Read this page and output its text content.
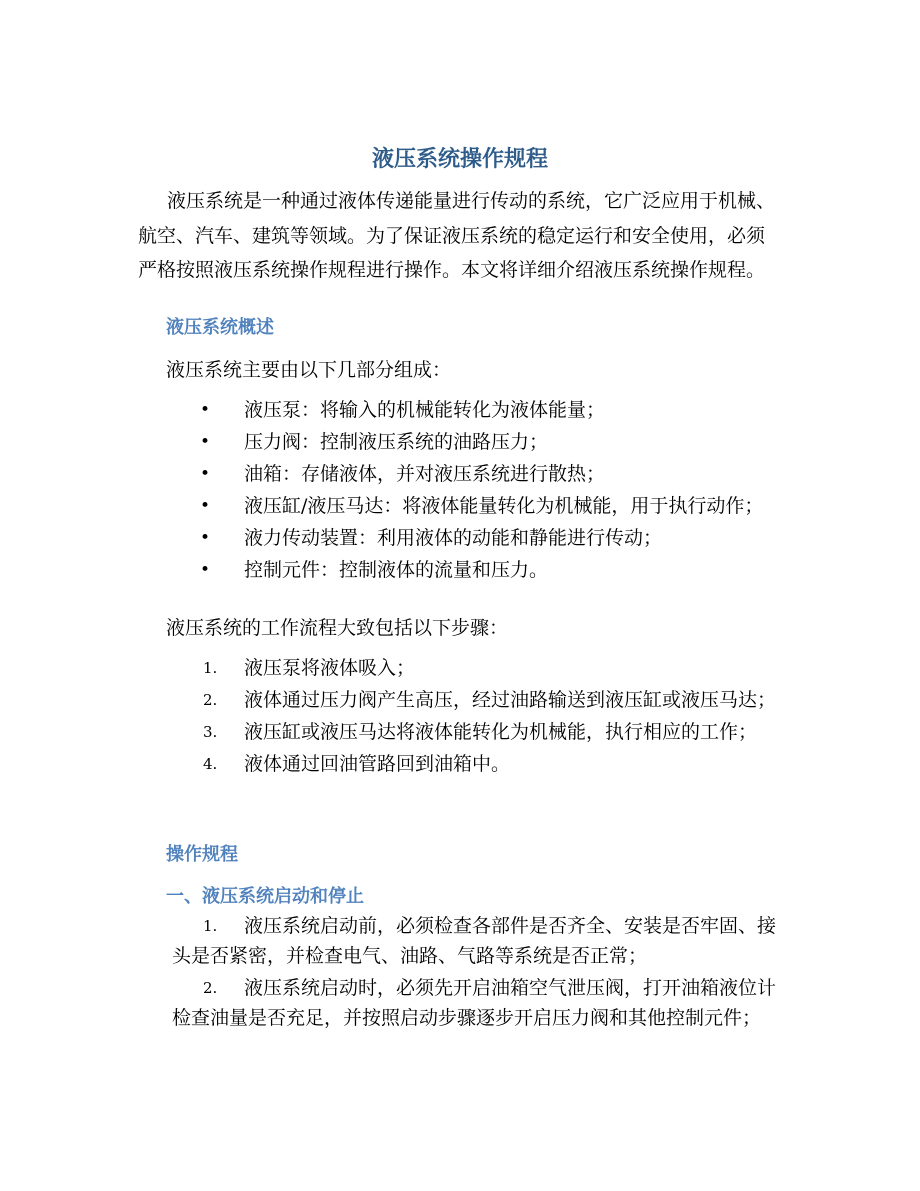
液压系统操作规程

液压系统是一种通过液体传递能量进行传动的系统，它广泛应用于机械、航空、汽车、建筑等领域。为了保证液压系统的稳定运行和安全使用，必须严格按照液压系统操作规程进行操作。本文将详细介绍液压系统操作规程。

液压系统概述

液压系统主要由以下几部分组成：

•	液压泵：将输入的机械能转化为液体能量；
•	压力阀：控制液压系统的油路压力；
•	油箱：存储液体，并对液压系统进行散热；
•	液压缸/液压马达：将液体能量转化为机械能，用于执行动作；
•	液力传动装置：利用液体的动能和静能进行传动；
•	控制元件：控制液体的流量和压力。

液压系统的工作流程大致包括以下步骤：

1.	液压泵将液体吸入；
2.	液体通过压力阀产生高压，经过油路输送到液压缸或液压马达；
3.	液压缸或液压马达将液体能转化为机械能，执行相应的工作；
4.	液体通过回油管路回到油箱中。
操作规程
一、液压系统启动和停止
1.	液压系统启动前，必须检查各部件是否齐全、安装是否牢固、接头是否紧密，并检查电气、油路、气路等系统是否正常；
2.	液压系统启动时，必须先开启油箱空气泄压阀，打开油箱液位计检查油量是否充足，并按照启动步骤逐步开启压力阀和其他控制元件；
